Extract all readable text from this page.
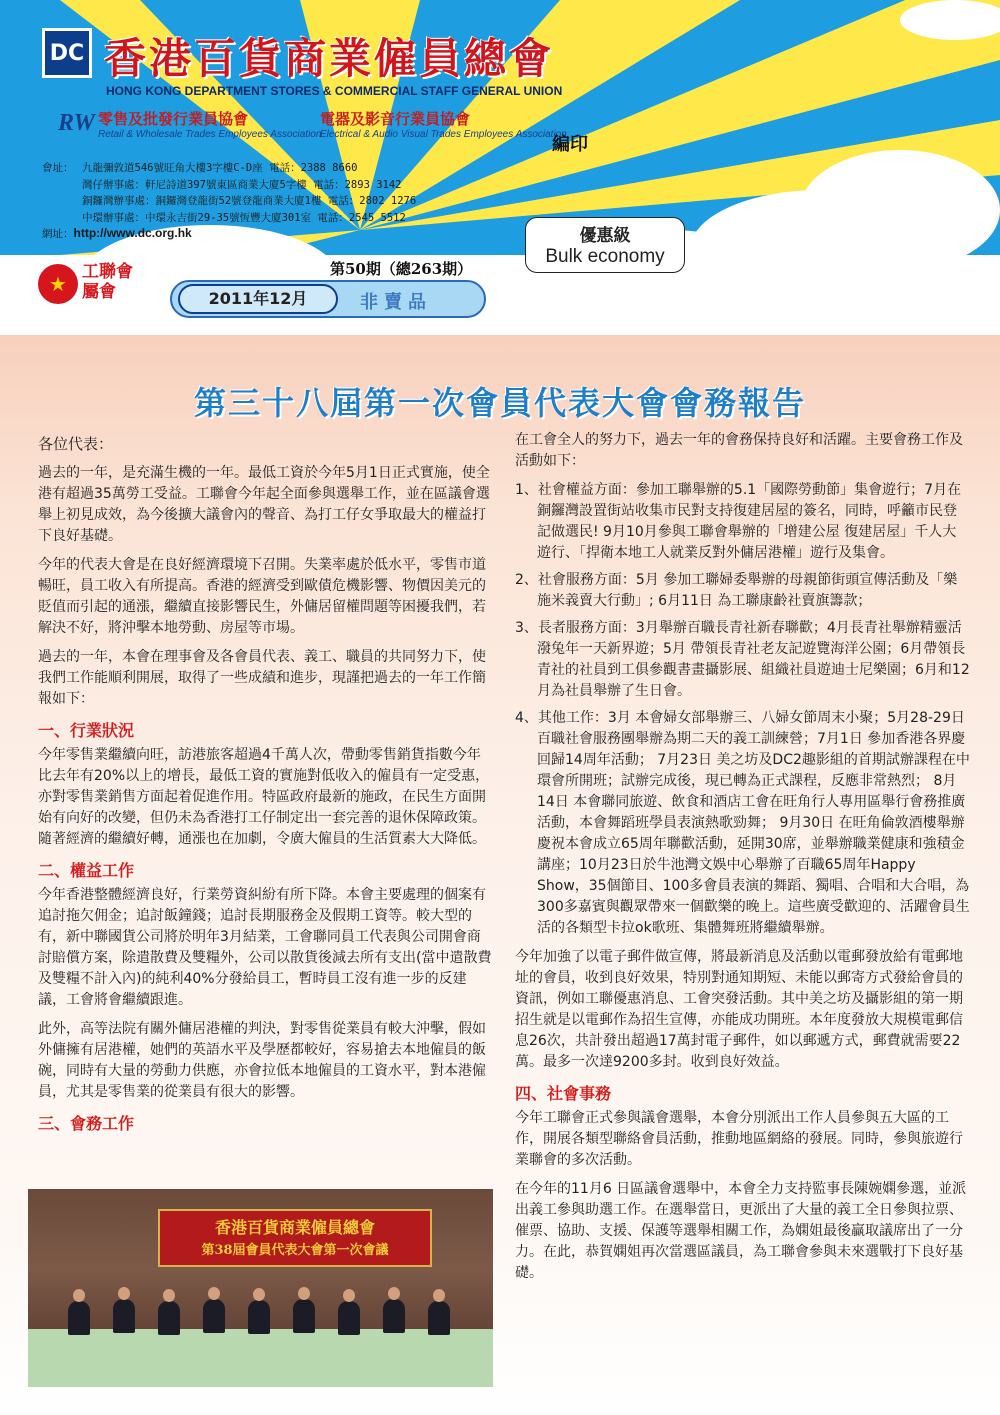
DC 香港百貨商業僱員總會
HONG KONG DEPARTMENT STORES & COMMERCIAL STAFF GENERAL UNION
RW 零售及批發行業員協會
Retail & Wholesale Trades Employees Association
電器及影音行業員協會
Electrical & Audio Visual Trades Employees Association
編印
會址： 九龍彌敦道546號旺角大樓3字樓C-D座 電話：2388 8660
灣仔辦事處：軒尼詩道397號東區商業大廈5字樓 電話：2893 3142
銅鑼灣辦事處：銅鑼灣登龍街52號登龍商業大廈1樓 電話：2802 1276
中環辦事處：中環永吉街29-35號恆豐大廈301室 電話：2545 5512
網址：http://www.dc.org.hk	優惠級
Bulk economy
★ 工聯會
屬會
第50期（總263期）
2011年12月	非賣品
第三十八屆第一次會員代表大會會務報告

各位代表：

過去的一年，是充滿生機的一年。最低工資於今年5月1日正式實施，使全港有超過35萬勞工受益。工聯會今年起全面參與選舉工作，並在區議會選舉上初見成效，為今後擴大議會內的聲音、為打工仔女爭取最大的權益打下良好基礎。

今年的代表大會是在良好經濟環境下召開。失業率處於低水平，零售市道暢旺，員工收入有所提高。香港的經濟受到歐債危機影響、物價因美元的貶值而引起的通漲，繼續直接影響民生，外傭居留權問題等困擾我們，若解決不好，將沖擊本地勞動、房屋等市場。

過去的一年，本會在理事會及各會員代表、義工、職員的共同努力下，使我們工作能順利開展，取得了一些成績和進步，現謹把過去的一年工作簡報如下：

一、行業狀況

今年零售業繼續向旺，訪港旅客超過4千萬人次，帶動零售銷貨指數今年比去年有20%以上的增長，最低工資的實施對低收入的僱員有一定受惠，亦對零售業銷售方面起着促進作用。特區政府最新的施政，在民生方面開始有向好的改變，但仍未為香港打工仔制定出一套完善的退休保障政策。隨著經濟的繼續好轉，通漲也在加劇，令廣大僱員的生活質素大大降低。

二、權益工作

今年香港整體經濟良好，行業勞資糾紛有所下降。本會主要處理的個案有追討拖欠佣金；追討飯鐘錢；追討長期服務金及假期工資等。較大型的有，新中聯國貨公司將於明年3月結業，工會聯同員工代表與公司開會商討賠償方案，除遣散費及雙糧外，公司以散貨後減去所有支出(當中遣散費及雙糧不計入內)的純利40%分發給員工，暫時員工沒有進一步的反建議，工會將會繼續跟進。

此外，高等法院有關外傭居港權的判決，對零售從業員有較大沖擊，假如外傭擁有居港權，她們的英語水平及學歷都較好，容易搶去本地僱員的飯碗，同時有大量的勞動力供應，亦會拉低本地僱員的工資水平，對本港僱員，尤其是零售業的從業員有很大的影響。

三、會務工作
香港百貨商業僱員總會
第38屆會員代表大會第一次會議

在工會全人的努力下，過去一年的會務保持良好和活躍。主要會務工作及活動如下：

1、社會權益方面：參加工聯舉辦的5.1「國際勞動節」集會遊行；7月在銅鑼灣設置街站收集市民對支持復建居屋的簽名，同時，呼籲市民登記做選民! 9月10月參與工聯會舉辦的「增建公屋 復建居屋」千人大遊行、「捍衛本地工人就業反對外傭居港權」遊行及集會。
2、社會服務方面：5月 參加工聯婦委舉辦的母親節街頭宣傳活動及「樂施米義賣大行動」; 6月11日 為工聯康齡社賣旗籌款；
3、長者服務方面：3月舉辦百職長青社新春聯歡；4月長青社舉辦精靈活潑兔年一天新界遊；5月 帶領長青社老友記遊覽海洋公園；6月帶領長青社的社員到工俱參觀書畫攝影展、組織社員遊迪士尼樂園；6月和12月為社員舉辦了生日會。
4、其他工作：3月 本會婦女部舉辦三、八婦女節周末小聚；5月28-29日百職社會服務團舉辦為期二天的義工訓練營；7月1日 參加香港各界慶回歸14周年活動； 7月23日 美之坊及DC2趣影組的首期試辦課程在中環會所開班；試辦完成後，現已轉為正式課程，反應非常熱烈； 8月14日 本會聯同旅遊、飲食和酒店工會在旺角行人專用區舉行會務推廣活動，本會舞蹈班學員表演熱歌勁舞； 9月30日 在旺角倫敦酒樓舉辦慶祝本會成立65周年聯歡活動，延開30席，並舉辦職業健康和強積金講座；10月23日於牛池灣文娛中心舉辦了百職65周年Happy Show，35個節目、100多會員表演的舞蹈、獨唱、合唱和大合唱，為300多嘉賓與觀眾帶來一個歡樂的晚上。這些廣受歡迎的、活躍會員生活的各類型卡拉ok歌班、集體舞班將繼續舉辦。

今年加強了以電子郵件做宣傳，將最新消息及活動以電郵發放給有電郵地址的會員，收到良好效果，特別對通知期短、未能以郵寄方式發給會員的資訊，例如工聯優惠消息、工會突發活動。其中美之坊及攝影組的第一期招生就是以電郵作為招生宣傳，亦能成功開班。本年度發放大規模電郵信息26次，共計發出超過17萬封電子郵件，如以郵遞方式，郵費就需要22萬。最多一次達9200多封。收到良好效益。

四、社會事務

今年工聯會正式參與議會選舉，本會分別派出工作人員參與五大區的工作，開展各類型聯絡會員活動，推動地區網絡的發展。同時，參與旅遊行業聯會的多次活動。

在今年的11月6 日區議會選舉中，本會全力支持監事長陳婉嫻參選，並派出義工參與助選工作。在選舉當日，更派出了大量的義工全日參與拉票、催票、協助、支援、保護等選舉相關工作，為嫻姐最後贏取議席出了一分力。在此，恭賀嫻姐再次當選區議員，為工聯會參與未來選戰打下良好基礎。
